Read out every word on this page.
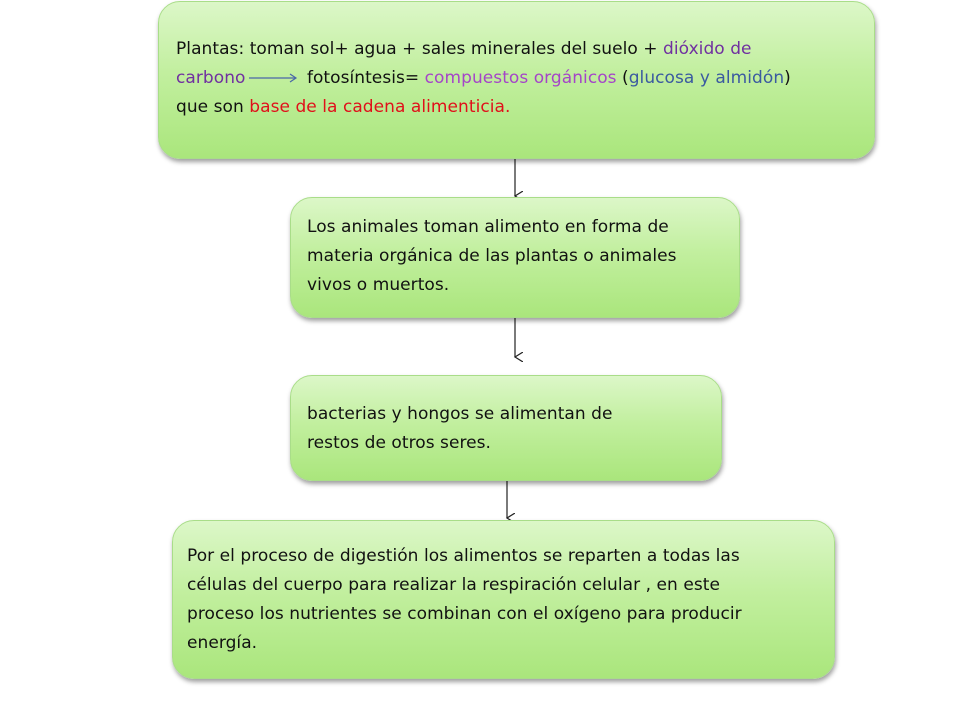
Plantas: toman sol+ agua + sales minerales del suelo + dióxido de

carbono	fotosíntesis= compuestos orgánicos (glucosa y almidón)

que son base de la cadena alimenticia.

Los animales toman alimento en forma de

materia orgánica de las plantas o animales

vivos o muertos.

bacterias y hongos se alimentan de

restos de otros seres.

Por el proceso de digestión los alimentos se reparten a todas las

células del cuerpo para realizar la respiración celular , en este

proceso los nutrientes se combinan con el oxígeno para producir

energía.
